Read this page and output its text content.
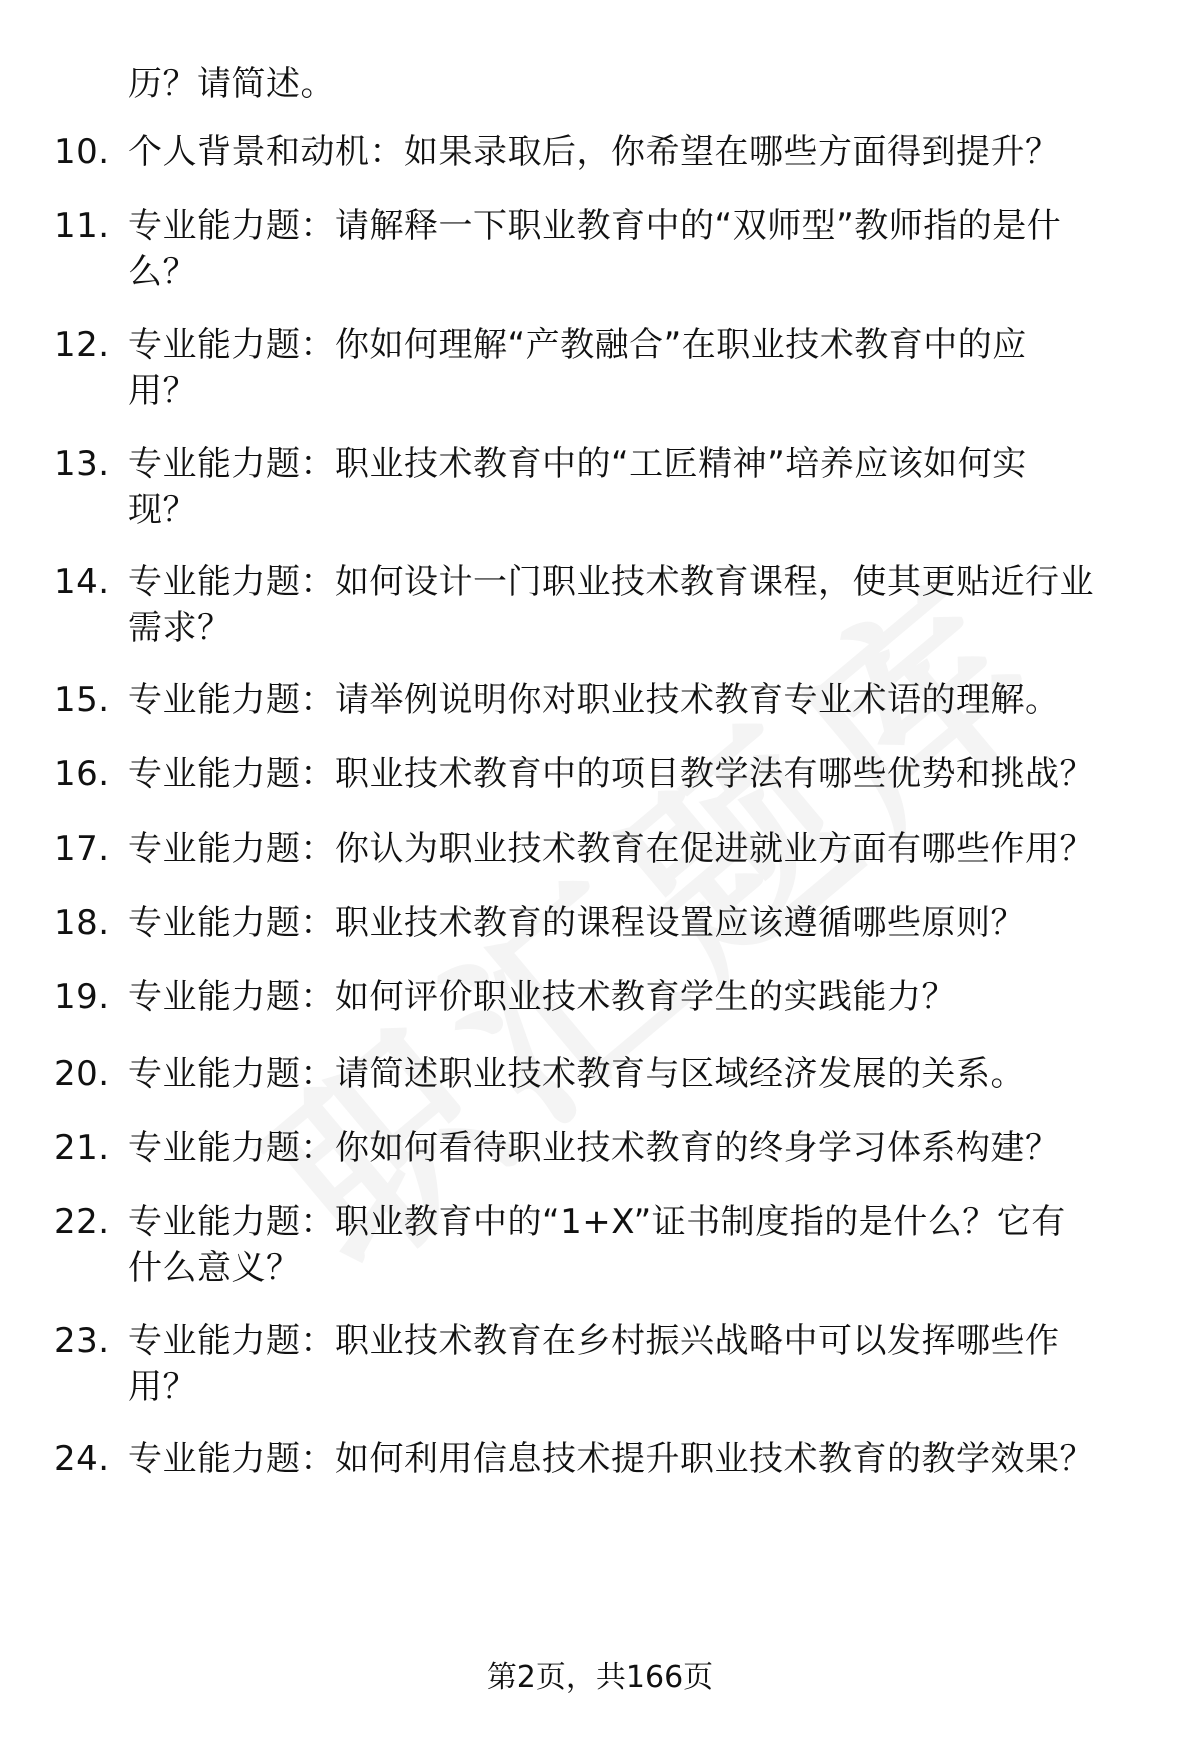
历？请简述。
10. 个人背景和动机：如果录取后，你希望在哪些方面得到提升？
11. 专业能力题：请解释一下职业教育中的“双师型”教师指的是什
么？
12. 专业能力题：你如何理解“产教融合”在职业技术教育中的应
用？
13. 专业能力题：职业技术教育中的“工匠精神”培养应该如何实
现？
14. 专业能力题：如何设计一门职业技术教育课程，使其更贴近行业
需求？
15. 专业能力题：请举例说明你对职业技术教育专业术语的理解。
16. 专业能力题：职业技术教育中的项目教学法有哪些优势和挑战？
17. 专业能力题：你认为职业技术教育在促进就业方面有哪些作用？
18. 专业能力题：职业技术教育的课程设置应该遵循哪些原则？
19. 专业能力题：如何评价职业技术教育学生的实践能力？
20. 专业能力题：请简述职业技术教育与区域经济发展的关系。
21. 专业能力题：你如何看待职业技术教育的终身学习体系构建？
22. 专业能力题：职业教育中的“1+X”证书制度指的是什么？它有
什么意义？
23. 专业能力题：职业技术教育在乡村振兴战略中可以发挥哪些作
用？
24. 专业能力题：如何利用信息技术提升职业技术教育的教学效果？
第2页，共166页
